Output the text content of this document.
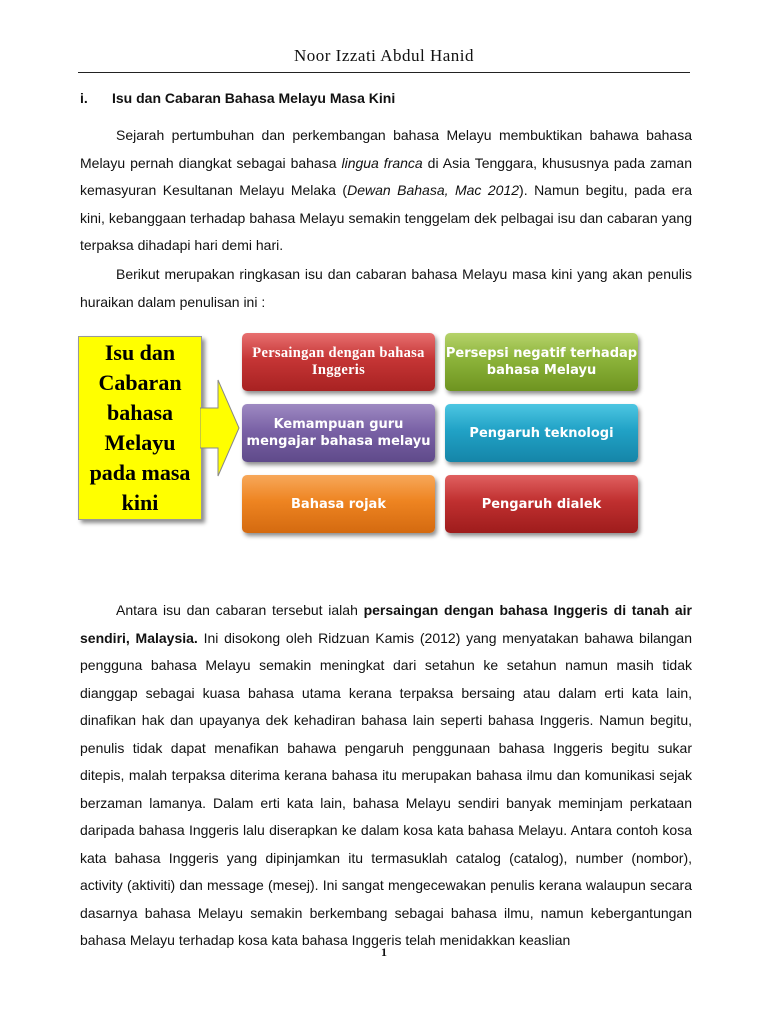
Noor Izzati Abdul Hanid
i.	Isu dan Cabaran Bahasa Melayu Masa Kini

Sejarah pertumbuhan dan perkembangan bahasa Melayu membuktikan bahawa bahasa Melayu pernah diangkat sebagai bahasa lingua franca di Asia Tenggara, khususnya pada zaman kemasyuran Kesultanan Melayu Melaka (Dewan Bahasa, Mac 2012). Namun begitu, pada era kini, kebanggaan terhadap bahasa Melayu semakin tenggelam dek pelbagai isu dan cabaran yang terpaksa dihadapi hari demi hari.

Berikut merupakan ringkasan isu dan cabaran bahasa Melayu masa kini yang akan penulis huraikan dalam penulisan ini :

Isu dan Cabaran bahasa Melayu pada masa kini
Persaingan dengan bahasa Inggeris
Persepsi negatif terhadap bahasa Melayu
Kemampuan guru mengajar bahasa melayu
Pengaruh teknologi
Bahasa rojak	Pengaruh dialek

Antara isu dan cabaran tersebut ialah persaingan dengan bahasa Inggeris di tanah air sendiri, Malaysia. Ini disokong oleh Ridzuan Kamis (2012) yang menyatakan bahawa bilangan pengguna bahasa Melayu semakin meningkat dari setahun ke setahun namun masih tidak dianggap sebagai kuasa bahasa utama kerana terpaksa bersaing atau dalam erti kata lain, dinafikan hak dan upayanya dek kehadiran bahasa lain seperti bahasa Inggeris. Namun begitu, penulis tidak dapat menafikan bahawa pengaruh penggunaan bahasa Inggeris begitu sukar ditepis, malah terpaksa diterima kerana bahasa itu merupakan bahasa ilmu dan komunikasi sejak berzaman lamanya. Dalam erti kata lain, bahasa Melayu sendiri banyak meminjam perkataan daripada bahasa Inggeris lalu diserapkan ke dalam kosa kata bahasa Melayu. Antara contoh kosa kata bahasa Inggeris yang dipinjamkan itu termasuklah catalog (catalog), number (nombor), activity (aktiviti) dan message (mesej). Ini sangat mengecewakan penulis kerana walaupun secara dasarnya bahasa Melayu semakin berkembang sebagai bahasa ilmu, namun kebergantungan bahasa Melayu terhadap kosa kata bahasa Inggeris telah menidakkan keaslian

1
